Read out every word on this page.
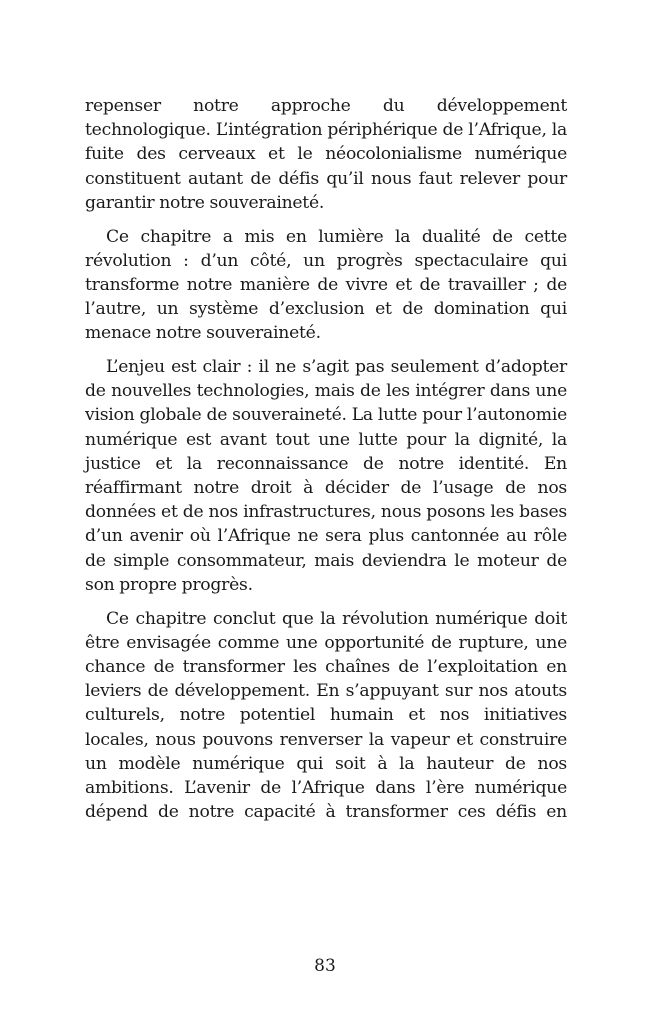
repenser notre approche du développement technologique. L’intégration périphérique de l’Afrique, la fuite des cerveaux et le néocolonialisme numérique constituent autant de défis qu’il nous faut relever pour garantir notre souveraineté.

Ce chapitre a mis en lumière la dualité de cette révolution : d’un côté, un progrès spectaculaire qui transforme notre manière de vivre et de travailler ; de l’autre, un système d’exclusion et de domination qui menace notre souveraineté.

L’enjeu est clair : il ne s’agit pas seulement d’adopter de nouvelles technologies, mais de les intégrer dans une vision globale de souveraineté. La lutte pour l’autonomie numérique est avant tout une lutte pour la dignité, la justice et la reconnaissance de notre identité. En réaffirmant notre droit à décider de l’usage de nos données et de nos infrastructures, nous posons les bases d’un avenir où l’Afrique ne sera plus cantonnée au rôle de simple consommateur, mais deviendra le moteur de son propre progrès.

Ce chapitre conclut que la révolution numérique doit être envisagée comme une opportunité de rupture, une chance de transformer les chaînes de l’exploitation en leviers de développement. En s’appuyant sur nos atouts culturels, notre potentiel humain et nos initiatives locales, nous pouvons renverser la vapeur et construire un modèle numérique qui soit à la hauteur de nos ambitions. L’avenir de l’Afrique dans l’ère numérique dépend de notre capacité à transformer ces défis en

83
